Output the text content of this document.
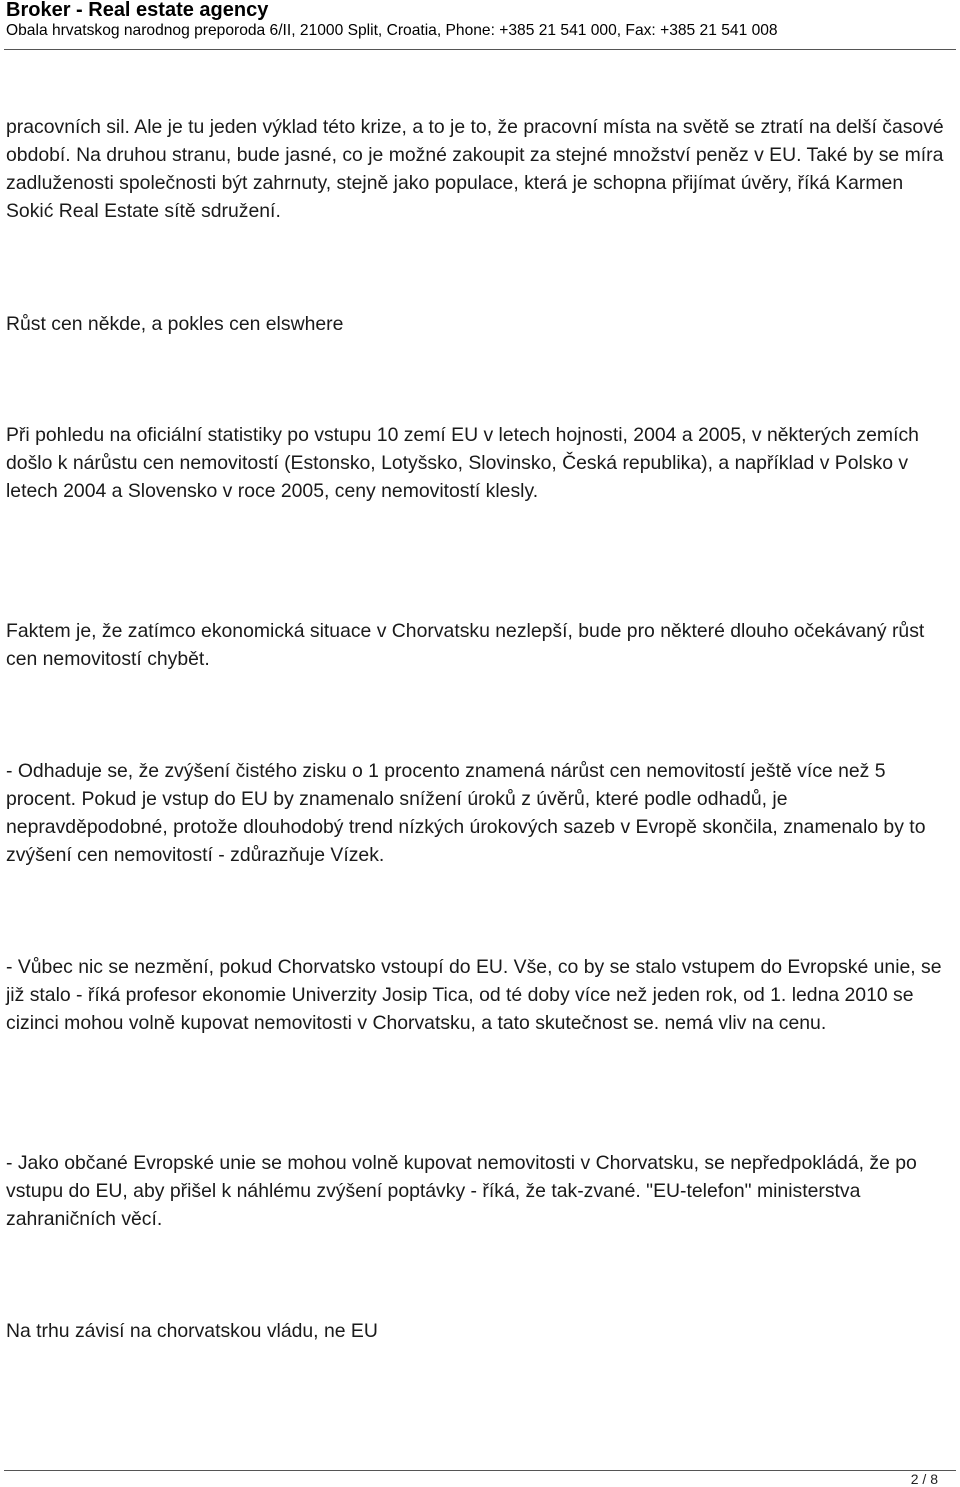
Broker - Real estate agency
Obala hrvatskog narodnog preporoda 6/II, 21000 Split, Croatia, Phone: +385 21 541 000, Fax: +385 21 541 008

pracovních sil. Ale je tu jeden výklad této krize, a to je to, že pracovní místa na světě se ztratí na delší časové období. Na druhou stranu, bude jasné, co je možné zakoupit za stejné množství peněz v EU. Také by se míra zadluženosti společnosti být zahrnuty, stejně jako populace, která je schopna přijímat úvěry, říká Karmen Sokić Real Estate sítě sdružení.

Růst cen někde, a pokles cen elswhere

Při pohledu na oficiální statistiky po vstupu 10 zemí EU v letech hojnosti, 2004 a 2005, v některých zemích došlo k nárůstu cen nemovitostí (Estonsko, Lotyšsko, Slovinsko, Česká republika), a například v Polsko v letech 2004 a Slovensko v roce 2005, ceny nemovitostí klesly.

Faktem je, že zatímco ekonomická situace v Chorvatsku nezlepší, bude pro některé dlouho očekávaný růst cen nemovitostí chybět.

- Odhaduje se, že zvýšení čistého zisku o 1 procento znamená nárůst cen nemovitostí ještě více než 5 procent. Pokud je vstup do EU by znamenalo snížení úroků z úvěrů, které podle odhadů, je nepravděpodobné, protože dlouhodobý trend nízkých úrokových sazeb v Evropě skončila, znamenalo by to zvýšení cen nemovitostí - zdůrazňuje Vízek.

- Vůbec nic se nezmění, pokud Chorvatsko vstoupí do EU. Vše, co by se stalo vstupem do Evropské unie, se již stalo - říká profesor ekonomie Univerzity Josip Tica, od té doby více než jeden rok, od 1. ledna 2010 se cizinci mohou volně kupovat nemovitosti v Chorvatsku, a tato skutečnost se. nemá vliv na cenu.

- Jako občané Evropské unie se mohou volně kupovat nemovitosti v Chorvatsku, se nepředpokládá, že po vstupu do EU, aby přišel k náhlému zvýšení poptávky - říká, že tak-zvané. "EU-telefon" ministerstva zahraničních věcí.

Na trhu závisí na chorvatskou vládu, ne EU

2 / 8
